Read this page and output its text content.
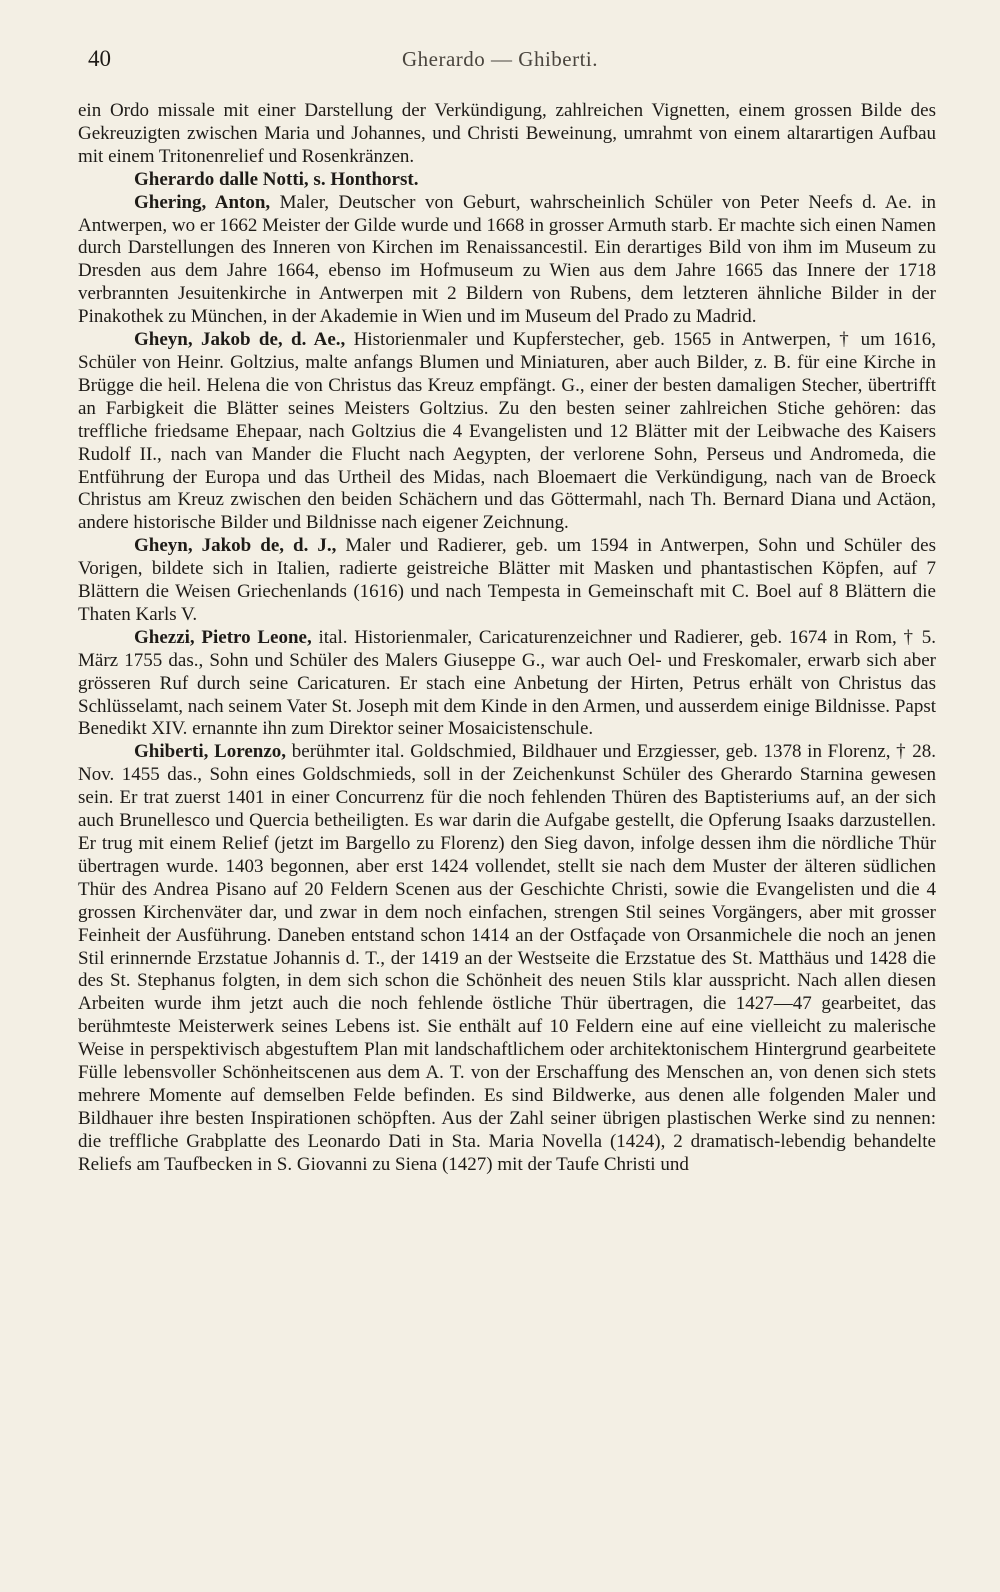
40	Gherardo — Ghiberti.

ein Ordo missale mit einer Darstellung der Verkündigung, zahlreichen Vignetten, einem grossen Bilde des Gekreuzigten zwischen Maria und Johannes, und Christi Beweinung, umrahmt von einem altarartigen Aufbau mit einem Tritonenrelief und Rosenkränzen.

Gherardo dalle Notti, s. Honthorst.

Ghering, Anton, Maler, Deutscher von Geburt, wahrscheinlich Schüler von Peter Neefs d. Ae. in Antwerpen, wo er 1662 Meister der Gilde wurde und 1668 in grosser Armuth starb. Er machte sich einen Namen durch Darstellungen des Inneren von Kirchen im Renaissancestil. Ein derartiges Bild von ihm im Museum zu Dresden aus dem Jahre 1664, ebenso im Hofmuseum zu Wien aus dem Jahre 1665 das Innere der 1718 verbrannten Jesuitenkirche in Antwerpen mit 2 Bildern von Rubens, dem letzteren ähnliche Bilder in der Pinakothek zu München, in der Akademie in Wien und im Museum del Prado zu Madrid.

Gheyn, Jakob de, d. Ae., Historienmaler und Kupferstecher, geb. 1565 in Antwerpen, † um 1616, Schüler von Heinr. Goltzius, malte anfangs Blumen und Miniaturen, aber auch Bilder, z. B. für eine Kirche in Brügge die heil. Helena die von Christus das Kreuz empfängt. G., einer der besten damaligen Stecher, übertrifft an Farbigkeit die Blätter seines Meisters Goltzius. Zu den besten seiner zahlreichen Stiche gehören: das treffliche friedsame Ehepaar, nach Goltzius die 4 Evangelisten und 12 Blätter mit der Leibwache des Kaisers Rudolf II., nach van Mander die Flucht nach Aegypten, der verlorene Sohn, Perseus und Andromeda, die Entführung der Europa und das Urtheil des Midas, nach Bloemaert die Verkündigung, nach van de Broeck Christus am Kreuz zwischen den beiden Schächern und das Göttermahl, nach Th. Bernard Diana und Actäon, andere historische Bilder und Bildnisse nach eigener Zeichnung.

Gheyn, Jakob de, d. J., Maler und Radierer, geb. um 1594 in Antwerpen, Sohn und Schüler des Vorigen, bildete sich in Italien, radierte geistreiche Blätter mit Masken und phantastischen Köpfen, auf 7 Blättern die Weisen Griechenlands (1616) und nach Tempesta in Gemeinschaft mit C. Boel auf 8 Blättern die Thaten Karls V.

Ghezzi, Pietro Leone, ital. Historienmaler, Caricaturenzeichner und Radierer, geb. 1674 in Rom, † 5. März 1755 das., Sohn und Schüler des Malers Giuseppe G., war auch Oel- und Freskomaler, erwarb sich aber grösseren Ruf durch seine Caricaturen. Er stach eine Anbetung der Hirten, Petrus erhält von Christus das Schlüsselamt, nach seinem Vater St. Joseph mit dem Kinde in den Armen, und ausserdem einige Bildnisse. Papst Benedikt XIV. ernannte ihn zum Direktor seiner Mosaicistenschule.

Ghiberti, Lorenzo, berühmter ital. Goldschmied, Bildhauer und Erzgiesser, geb. 1378 in Florenz, † 28. Nov. 1455 das., Sohn eines Goldschmieds, soll in der Zeichenkunst Schüler des Gherardo Starnina gewesen sein. Er trat zuerst 1401 in einer Concurrenz für die noch fehlenden Thüren des Baptisteriums auf, an der sich auch Brunellesco und Quercia betheiligten. Es war darin die Aufgabe gestellt, die Opferung Isaaks darzustellen. Er trug mit einem Relief (jetzt im Bargello zu Florenz) den Sieg davon, infolge dessen ihm die nördliche Thür übertragen wurde. 1403 begonnen, aber erst 1424 vollendet, stellt sie nach dem Muster der älteren südlichen Thür des Andrea Pisano auf 20 Feldern Scenen aus der Geschichte Christi, sowie die Evangelisten und die 4 grossen Kirchenväter dar, und zwar in dem noch einfachen, strengen Stil seines Vorgängers, aber mit grosser Feinheit der Ausführung. Daneben entstand schon 1414 an der Ostfaçade von Orsanmichele die noch an jenen Stil erinnernde Erzstatue Johannis d. T., der 1419 an der Westseite die Erzstatue des St. Matthäus und 1428 die des St. Stephanus folgten, in dem sich schon die Schönheit des neuen Stils klar ausspricht. Nach allen diesen Arbeiten wurde ihm jetzt auch die noch fehlende östliche Thür übertragen, die 1427—47 gearbeitet, das berühmteste Meisterwerk seines Lebens ist. Sie enthält auf 10 Feldern eine auf eine vielleicht zu malerische Weise in perspektivisch abgestuftem Plan mit landschaftlichem oder architektonischem Hintergrund gearbeitete Fülle lebensvoller Schönheitscenen aus dem A. T. von der Erschaffung des Menschen an, von denen sich stets mehrere Momente auf demselben Felde befinden. Es sind Bildwerke, aus denen alle folgenden Maler und Bildhauer ihre besten Inspirationen schöpften. Aus der Zahl seiner übrigen plastischen Werke sind zu nennen: die treffliche Grabplatte des Leonardo Dati in Sta. Maria Novella (1424), 2 dramatisch-lebendig behandelte Reliefs am Taufbecken in S. Giovanni zu Siena (1427) mit der Taufe Christi und
